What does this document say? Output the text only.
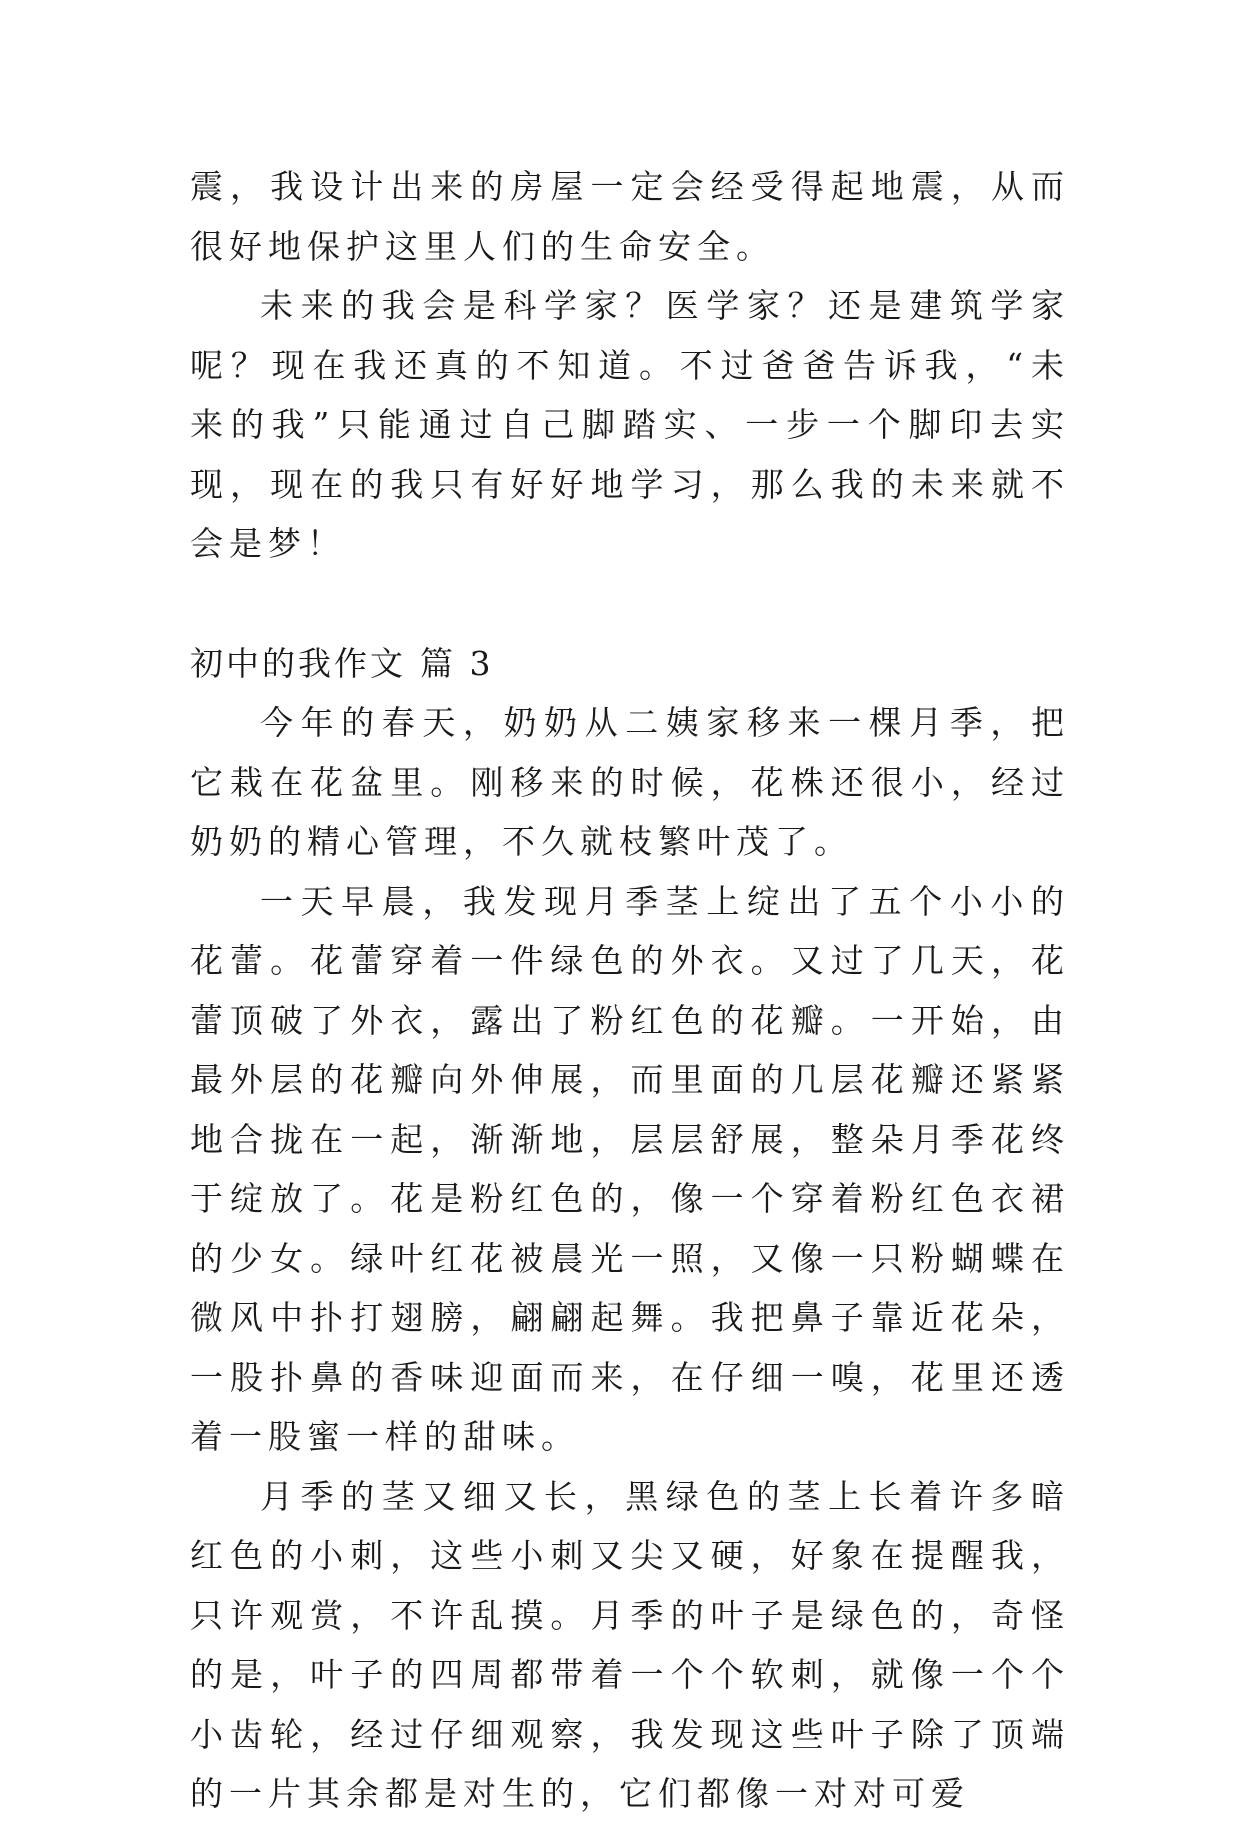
震，我设计出来的房屋一定会经受得起地震，从而很好地保护这里人们的生命安全。

未来的我会是科学家？医学家？还是建筑学家呢？现在我还真的不知道。不过爸爸告诉我，“未来的我”只能通过自己脚踏实、一步一个脚印去实现，现在的我只有好好地学习，那么我的未来就不会是梦！

初中的我作文 篇 3

今年的春天，奶奶从二姨家移来一棵月季，把它栽在花盆里。刚移来的时候，花株还很小，经过奶奶的精心管理，不久就枝繁叶茂了。

一天早晨，我发现月季茎上绽出了五个小小的花蕾。花蕾穿着一件绿色的外衣。又过了几天，花蕾顶破了外衣，露出了粉红色的花瓣。一开始，由最外层的花瓣向外伸展，而里面的几层花瓣还紧紧地合拢在一起，渐渐地，层层舒展，整朵月季花终于绽放了。花是粉红色的，像一个穿着粉红色衣裙的少女。绿叶红花被晨光一照，又像一只粉蝴蝶在微风中扑打翅膀，翩翩起舞。我把鼻子靠近花朵，一股扑鼻的香味迎面而来，在仔细一嗅，花里还透着一股蜜一样的甜味。

月季的茎又细又长，黑绿色的茎上长着许多暗红色的小刺，这些小刺又尖又硬，好象在提醒我，只许观赏，不许乱摸。月季的叶子是绿色的，奇怪的是，叶子的四周都带着一个个软刺，就像一个个小齿轮，经过仔细观察，我发现这些叶子除了顶端的一片其余都是对生的，它们都像一对对可爱
